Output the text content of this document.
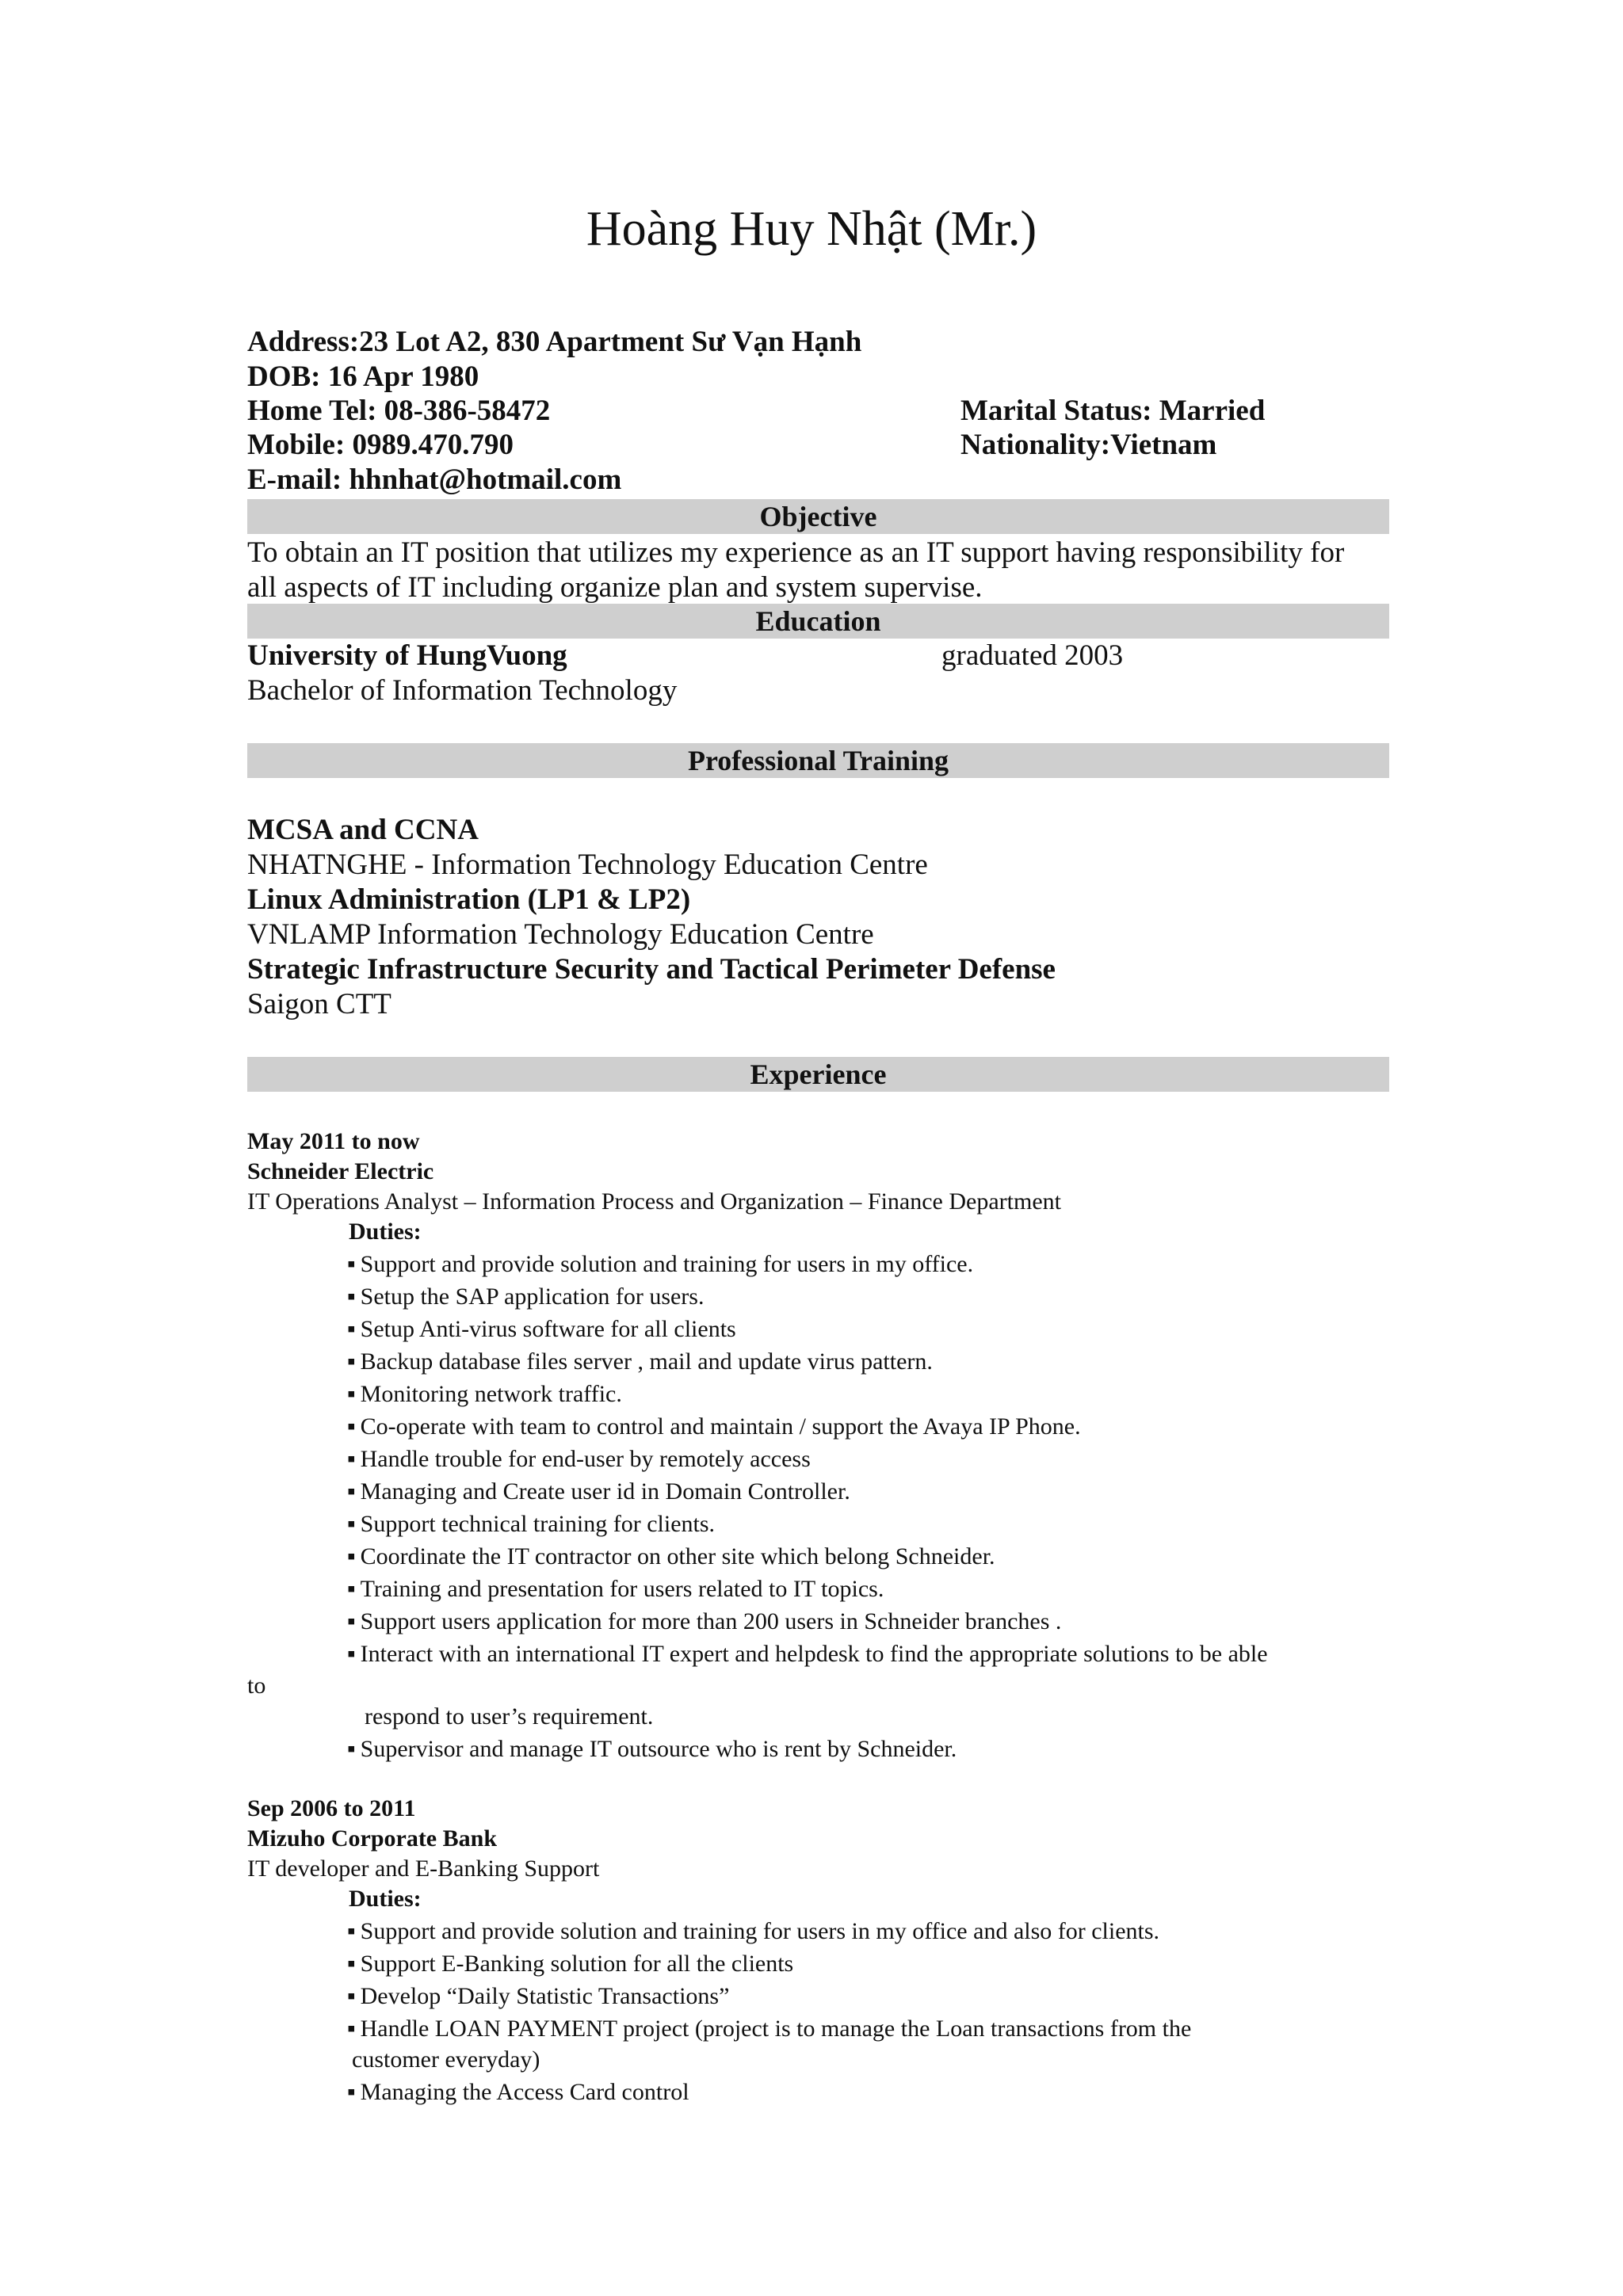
Hoàng Huy Nhật (Mr.)
Address:23 Lot A2, 830 Apartment Sư Vạn Hạnh
DOB: 16 Apr 1980
Home Tel: 08-386-58472	Marital Status: Married
Mobile: 0989.470.790	Nationality:Vietnam
E-mail: hhnhat@hotmail.com
Objective
To obtain an IT position that utilizes my experience as an IT support having responsibility for
all aspects of IT including organize plan and system supervise.
Education
University of HungVuong	graduated 2003
Bachelor of Information Technology
Professional Training
MCSA and CCNA
NHATNGHE - Information Technology Education Centre
Linux Administration (LP1 & LP2)
VNLAMP Information Technology Education Centre
Strategic Infrastructure Security and Tactical Perimeter Defense
Saigon CTT
Experience
May 2011 to now
Schneider Electric
IT Operations Analyst – Information Process and Organization – Finance Department
Duties:
▪ Support and provide solution and training for users in my office.
▪ Setup the SAP application for users.
▪ Setup Anti-virus software for all clients
▪ Backup database files server , mail and update virus pattern.
▪ Monitoring network traffic.
▪ Co-operate with team to control and maintain / support the Avaya IP Phone.
▪ Handle trouble for end-user by remotely access
▪ Managing and Create user id in Domain Controller.
▪ Support technical training for clients.
▪ Coordinate the IT contractor on other site which belong Schneider.
▪ Training and presentation for users related to IT topics.
▪ Support users application for more than 200 users in Schneider branches .
▪ Interact with an international IT expert and helpdesk to find the appropriate solutions to be able
to
respond to user’s requirement.
▪ Supervisor and manage IT outsource who is rent by Schneider.
Sep 2006 to 2011
Mizuho Corporate Bank
IT developer and E-Banking Support
Duties:
▪ Support and provide solution and training for users in my office and also for clients.
▪ Support E-Banking solution for all the clients
▪ Develop “Daily Statistic Transactions”
▪ Handle LOAN PAYMENT project (project is to manage the Loan transactions from the
customer everyday)
▪ Managing the Access Card control
